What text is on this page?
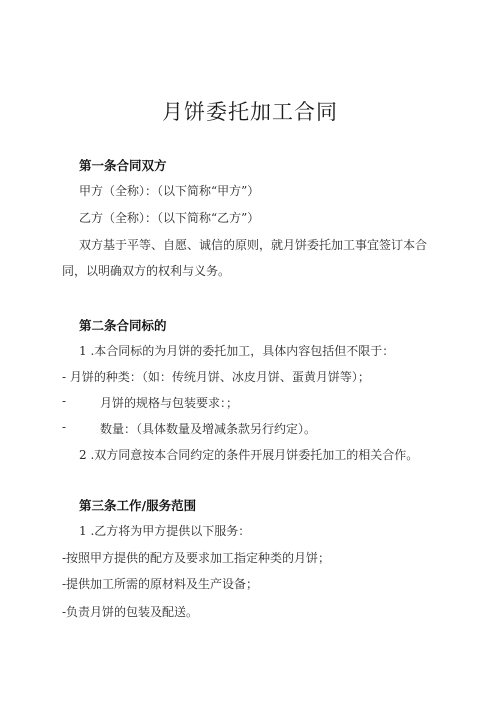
月饼委托加工合同
第一条合同双方
甲方（全称）：（以下简称“甲方”）
乙方（全称）：（以下简称“乙方”）
双方基于平等、自愿、诚信的原则，就月饼委托加工事宜签订本合
同，以明确双方的权利与义务。
第二条合同标的
1 .本合同标的为月饼的委托加工，具体内容包括但不限于：
- 月饼的种类：（如：传统月饼、冰皮月饼、蛋黄月饼等）；
-	月饼的规格与包装要求：；
-	数量：（具体数量及增减条款另行约定）。
2 .双方同意按本合同约定的条件开展月饼委托加工的相关合作。
第三条工作/服务范围
1 .乙方将为甲方提供以下服务：
-按照甲方提供的配方及要求加工指定种类的月饼；
-提供加工所需的原材料及生产设备；
-负责月饼的包装及配送。
